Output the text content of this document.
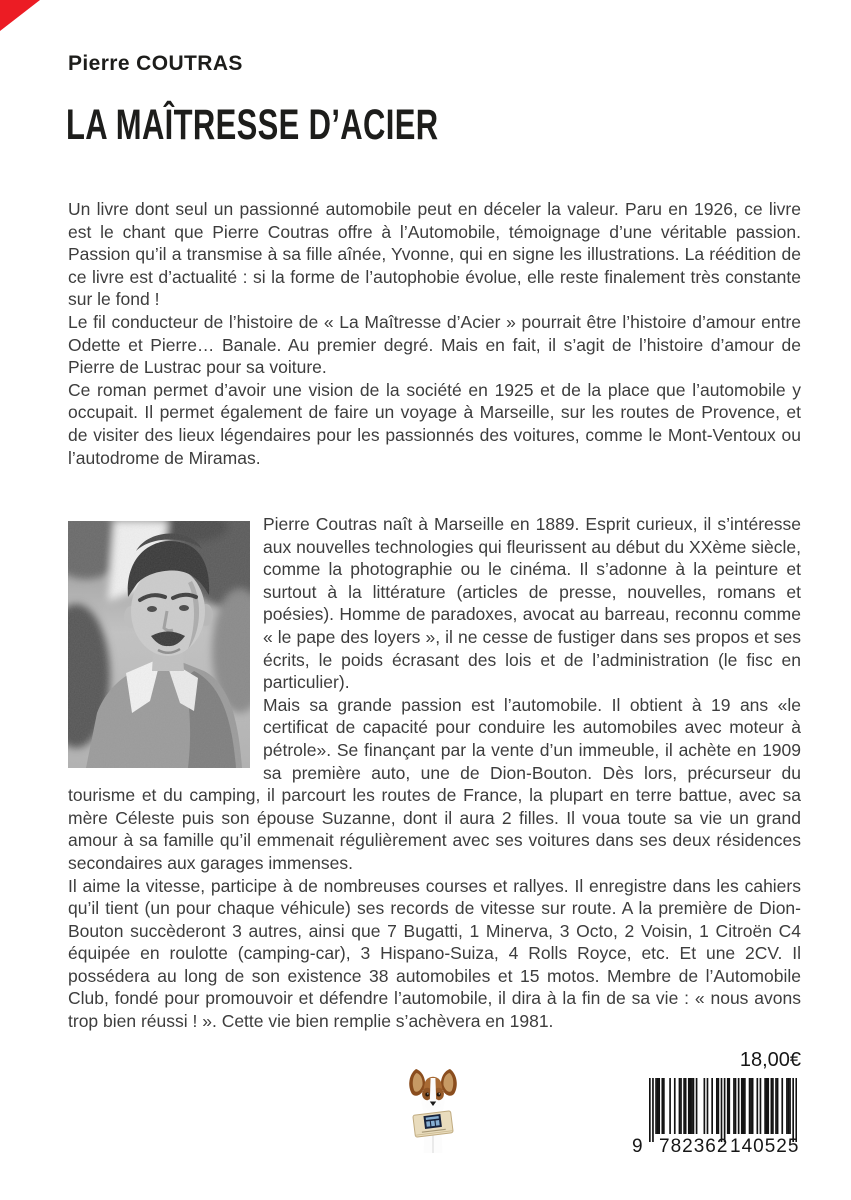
Pierre COUTRAS
LA MAÎTRESSE D’ACIER

Un livre dont seul un passionné automobile peut en déceler la valeur. Paru en 1926, ce livre est le chant que Pierre Coutras offre à l’Automobile, témoignage d’une véritable passion. Passion qu’il a transmise à sa fille aînée, Yvonne, qui en signe les illustrations. La réédition de ce livre est d’actualité : si la forme de l’autophobie évolue, elle reste finalement très constante sur le fond !

Le fil conducteur de l’histoire de « La Maîtresse d’Acier » pourrait être l’histoire d’amour entre Odette et Pierre… Banale. Au premier degré. Mais en fait, il s’agit de l’histoire d’amour de Pierre de Lustrac pour sa voiture.

Ce roman permet d’avoir une vision de la société en 1925 et de la place que l’automobile y occupait. Il permet également de faire un voyage à Marseille, sur les routes de Provence, et de visiter des lieux légendaires pour les passionnés des voitures, comme le Mont-Ventoux ou l’autodrome de Miramas.

Pierre Coutras naît à Marseille en 1889. Esprit curieux, il s’intéresse aux nouvelles technologies qui fleurissent au début du XXème siècle, comme la photographie ou le cinéma. Il s’adonne à la peinture et surtout à la littérature (articles de presse, nouvelles, romans et poésies). Homme de paradoxes, avocat au barreau, reconnu comme « le pape des loyers », il ne cesse de fustiger dans ses propos et ses écrits, le poids écrasant des lois et de l’administration (le fisc en particulier).

Mais sa grande passion est l’automobile. Il obtient à 19 ans «le certificat de capacité pour conduire les automobiles avec moteur à pétrole». Se finançant par la vente d’un immeuble, il achète en 1909 sa première auto, une de Dion-Bouton. Dès lors, précurseur du tourisme et du camping, il parcourt les routes de France, la plupart en terre battue, avec sa mère Céleste puis son épouse Suzanne, dont il aura 2 filles. Il voua toute sa vie un grand amour à sa famille qu’il emmenait régulièrement avec ses voitures dans ses deux résidences secondaires aux garages immenses.

Il aime la vitesse, participe à de nombreuses courses et rallyes. Il enregistre dans les cahiers qu’il tient (un pour chaque véhicule) ses records de vitesse sur route. A la première de Dion-Bouton succèderont 3 autres, ainsi que 7 Bugatti, 1 Minerva, 3 Octo, 2 Voisin, 1 Citroën C4 équipée en roulotte (camping-car), 3 Hispano-Suiza, 4 Rolls Royce, etc. Et une 2CV. Il possédera au long de son existence 38 automobiles et 15 motos. Membre de l’Automobile Club, fondé pour promouvoir et défendre l’automobile, il dira à la fin de sa vie : « nous avons trop bien réussi ! ». Cette vie bien remplie s’achèvera en 1981.

18,00€
9 782362 140525
